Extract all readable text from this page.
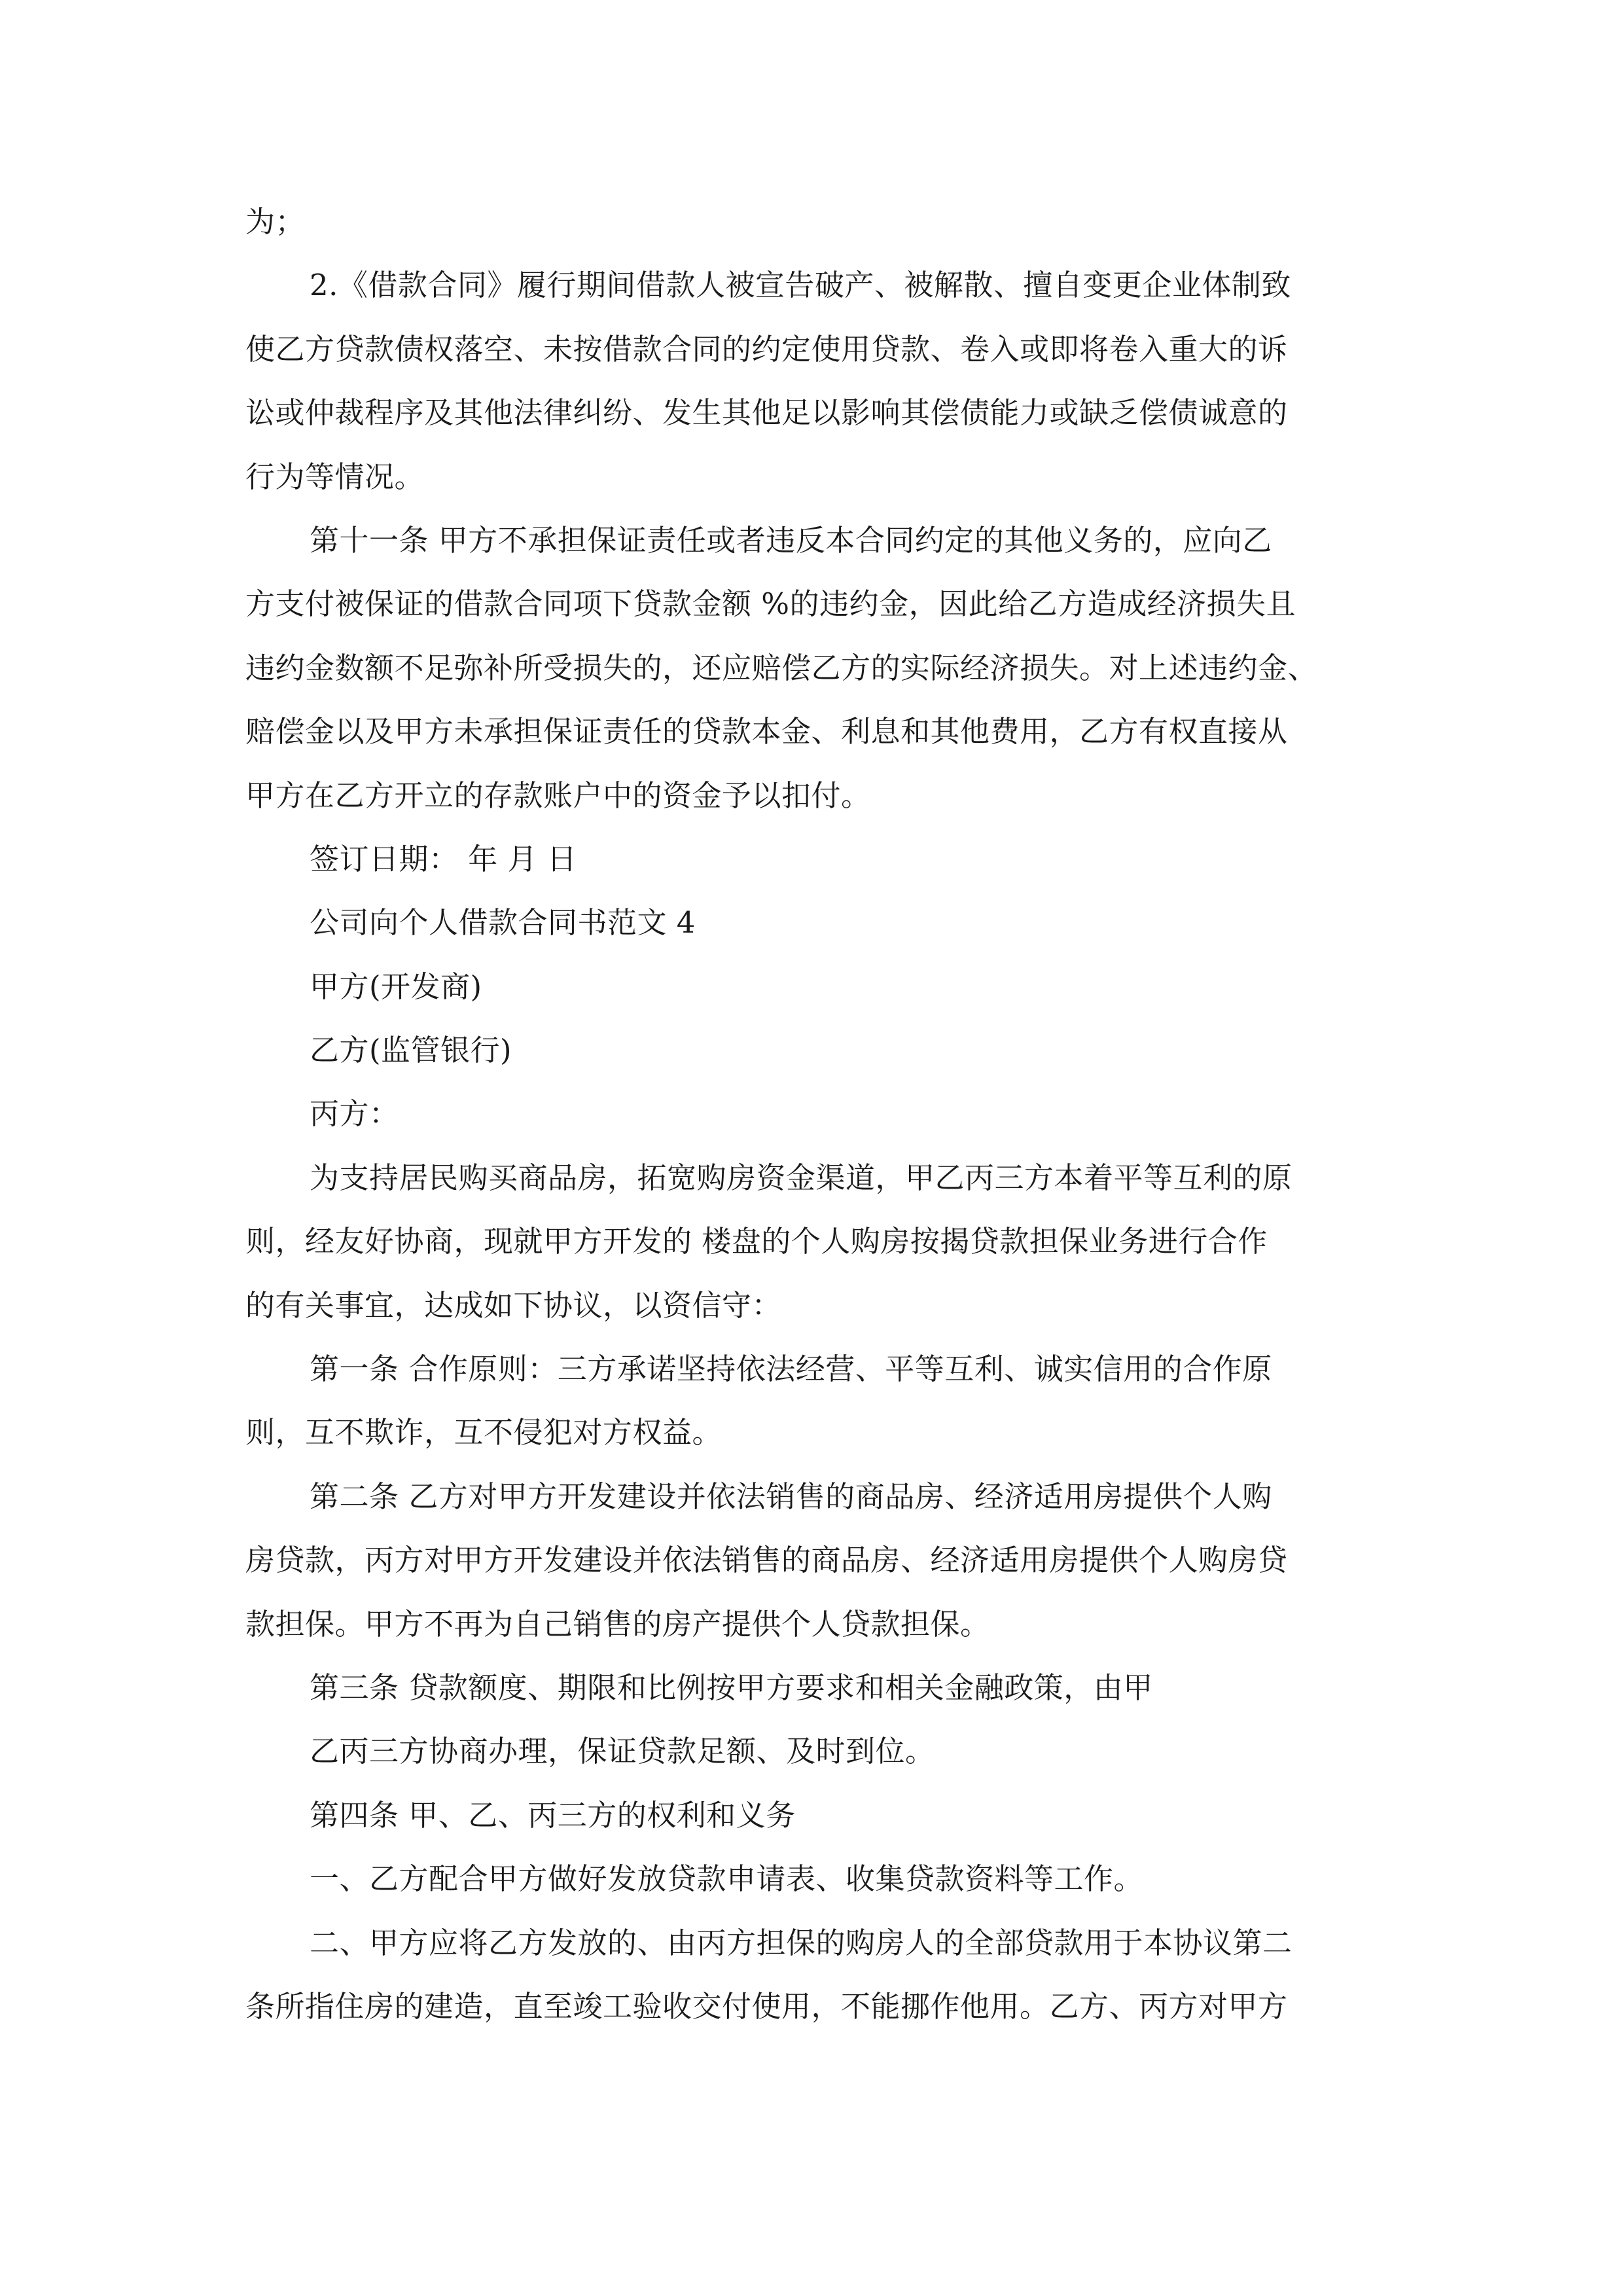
为；
2.《借款合同》履行期间借款人被宣告破产、被解散、擅自变更企业体制致
使乙方贷款债权落空、未按借款合同的约定使用贷款、卷入或即将卷入重大的诉
讼或仲裁程序及其他法律纠纷、发生其他足以影响其偿债能力或缺乏偿债诚意的
行为等情况。
第十一条 甲方不承担保证责任或者违反本合同约定的其他义务的，应向乙
方支付被保证的借款合同项下贷款金额 %的违约金，因此给乙方造成经济损失且
违约金数额不足弥补所受损失的，还应赔偿乙方的实际经济损失。对上述违约金、
赔偿金以及甲方未承担保证责任的贷款本金、利息和其他费用，乙方有权直接从
甲方在乙方开立的存款账户中的资金予以扣付。
签订日期： 年 月 日
公司向个人借款合同书范文 4
甲方(开发商)
乙方(监管银行)
丙方：
为支持居民购买商品房，拓宽购房资金渠道，甲乙丙三方本着平等互利的原
则，经友好协商，现就甲方开发的 楼盘的个人购房按揭贷款担保业务进行合作
的有关事宜，达成如下协议，以资信守：
第一条 合作原则：三方承诺坚持依法经营、平等互利、诚实信用的合作原
则，互不欺诈，互不侵犯对方权益。
第二条 乙方对甲方开发建设并依法销售的商品房、经济适用房提供个人购
房贷款，丙方对甲方开发建设并依法销售的商品房、经济适用房提供个人购房贷
款担保。甲方不再为自己销售的房产提供个人贷款担保。
第三条 贷款额度、期限和比例按甲方要求和相关金融政策，由甲
乙丙三方协商办理，保证贷款足额、及时到位。
第四条 甲、乙、丙三方的权利和义务
一、乙方配合甲方做好发放贷款申请表、收集贷款资料等工作。
二、甲方应将乙方发放的、由丙方担保的购房人的全部贷款用于本协议第二
条所指住房的建造，直至竣工验收交付使用，不能挪作他用。乙方、丙方对甲方
